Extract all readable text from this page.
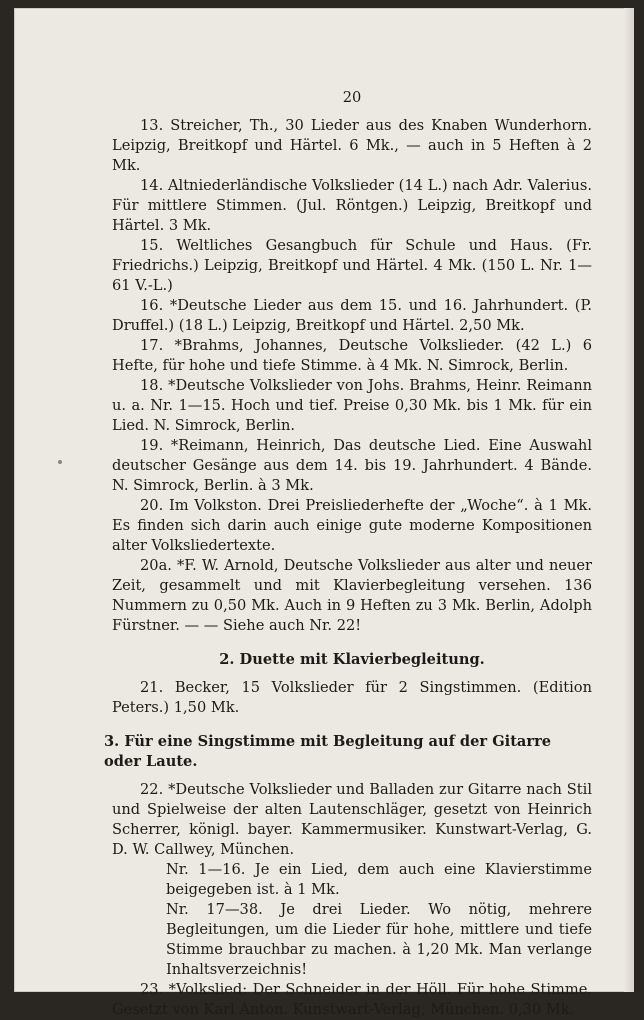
20
13. Streicher, Th., 30 Lieder aus des Knaben Wunderhorn. Leipzig, Breitkopf und Härtel. 6 Mk., — auch in 5 Heften à 2 Mk.
14. Altniederländische Volkslieder (14 L.) nach Adr. Valerius. Für mittlere Stimmen. (Jul. Röntgen.) Leipzig, Breitkopf und Härtel. 3 Mk.
15. Weltliches Gesangbuch für Schule und Haus. (Fr. Friedrichs.) Leipzig, Breitkopf und Härtel. 4 Mk. (150 L. Nr. 1—61 V.-L.)
16. *Deutsche Lieder aus dem 15. und 16. Jahrhundert. (P. Druffel.) (18 L.) Leipzig, Breitkopf und Härtel. 2,50 Mk.
17. *Brahms, Johannes, Deutsche Volkslieder. (42 L.) 6 Hefte, für hohe und tiefe Stimme. à 4 Mk. N. Simrock, Berlin.
18. *Deutsche Volkslieder von Johs. Brahms, Heinr. Reimann u. a. Nr. 1—15. Hoch und tief. Preise 0,30 Mk. bis 1 Mk. für ein Lied. N. Simrock, Berlin.
19. *Reimann, Heinrich, Das deutsche Lied. Eine Auswahl deutscher Gesänge aus dem 14. bis 19. Jahrhundert. 4 Bände. N. Simrock, Berlin. à 3 Mk.
20. Im Volkston. Drei Preisliederhefte der „Woche“. à 1 Mk. Es finden sich darin auch einige gute moderne Kompositionen alter Volksliedertexte.
20a. *F. W. Arnold, Deutsche Volkslieder aus alter und neuer Zeit, gesammelt und mit Klavierbegleitung versehen. 136 Nummern zu 0,50 Mk. Auch in 9 Heften zu 3 Mk. Berlin, Adolph Fürstner. — — Siehe auch Nr. 22!
2. Duette mit Klavierbegleitung.
21. Becker, 15 Volkslieder für 2 Singstimmen. (Edition Peters.) 1,50 Mk.
3. Für eine Singstimme mit Begleitung auf der Gitarre oder Laute.
22. *Deutsche Volkslieder und Balladen zur Gitarre nach Stil und Spielweise der alten Lautenschläger, gesetzt von Heinrich Scherrer, königl. bayer. Kammermusiker. Kunstwart-Verlag, G. D. W. Callwey, München.
Nr. 1—16. Je ein Lied, dem auch eine Klavierstimme beigegeben ist. à 1 Mk.
Nr. 17—38. Je drei Lieder. Wo nötig, mehrere Begleitungen, um die Lieder für hohe, mittlere und tiefe Stimme brauchbar zu machen. à 1,20 Mk. Man verlange Inhaltsverzeichnis!
23. *Volkslied: Der Schneider in der Höll. Für hohe Stimme. Gesetzt von Karl Anton. Kunstwart-Verlag, München. 0,30 Mk.
